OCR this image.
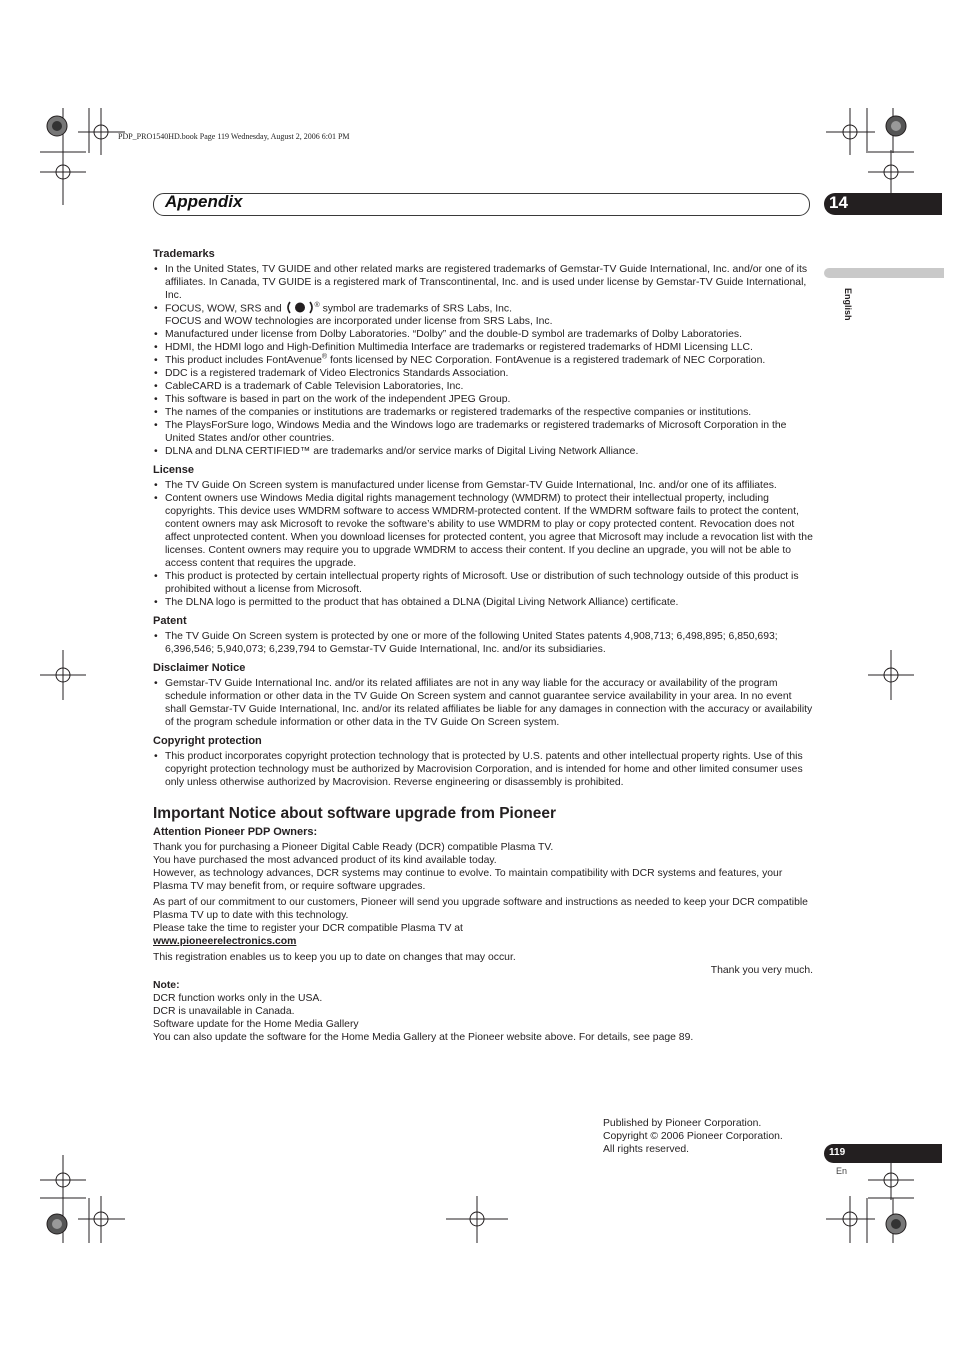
PDP_PRO1540HD.book Page 119 Wednesday, August 2, 2006 6:01 PM
Appendix	14
English
Trademarks
• In the United States, TV GUIDE and other related marks are registered trademarks of Gemstar-TV Guide International, Inc. and/or one of its affiliates. In Canada, TV GUIDE is a registered mark of Transcontinental, Inc. and is used under license by Gemstar-TV Guide International, Inc.
• FOCUS, WOW, SRS and	® symbol are trademarks of SRS Labs, Inc.
FOCUS and WOW technologies are incorporated under license from SRS Labs, Inc.
• Manufactured under license from Dolby Laboratories. “Dolby” and the double-D symbol are trademarks of Dolby Laboratories.
• HDMI, the HDMI logo and High-Definition Multimedia Interface are trademarks or registered trademarks of HDMI Licensing LLC.
• This product includes FontAvenue® fonts licensed by NEC Corporation. FontAvenue is a registered trademark of NEC Corporation.
• DDC is a registered trademark of Video Electronics Standards Association.
• CableCARD is a trademark of Cable Television Laboratories, Inc.
• This software is based in part on the work of the independent JPEG Group.
• The names of the companies or institutions are trademarks or registered trademarks of the respective companies or institutions.
• The PlaysForSure logo, Windows Media and the Windows logo are trademarks or registered trademarks of Microsoft Corporation in the United States and/or other countries.
• DLNA and DLNA CERTIFIED™ are trademarks and/or service marks of Digital Living Network Alliance.
License
• The TV Guide On Screen system is manufactured under license from Gemstar-TV Guide International, Inc. and/or one of its affiliates.
• Content owners use Windows Media digital rights management technology (WMDRM) to protect their intellectual property, including copyrights. This device uses WMDRM software to access WMDRM-protected content. If the WMDRM software fails to protect the content, content owners may ask Microsoft to revoke the software’s ability to use WMDRM to play or copy protected content. Revocation does not affect unprotected content. When you download licenses for protected content, you agree that Microsoft may include a revocation list with the licenses. Content owners may require you to upgrade WMDRM to access their content. If you decline an upgrade, you will not be able to access content that requires the upgrade.
• This product is protected by certain intellectual property rights of Microsoft. Use or distribution of such technology outside of this product is prohibited without a license from Microsoft.
• The DLNA logo is permitted to the product that has obtained a DLNA (Digital Living Network Alliance) certificate.
Patent
• The TV Guide On Screen system is protected by one or more of the following United States patents 4,908,713; 6,498,895; 6,850,693; 6,396,546; 5,940,073; 6,239,794 to Gemstar-TV Guide International, Inc. and/or its subsidiaries.
Disclaimer Notice
• Gemstar-TV Guide International Inc. and/or its related affiliates are not in any way liable for the accuracy or availability of the program schedule information or other data in the TV Guide On Screen system and cannot guarantee service availability in your area. In no event shall Gemstar-TV Guide International, Inc. and/or its related affiliates be liable for any damages in connection with the accuracy or availability of the program schedule information or other data in the TV Guide On Screen system.
Copyright protection
• This product incorporates copyright protection technology that is protected by U.S. patents and other intellectual property rights. Use of this copyright protection technology must be authorized by Macrovision Corporation, and is intended for home and other limited consumer uses only unless otherwise authorized by Macrovision. Reverse engineering or disassembly is prohibited.
Important Notice about software upgrade from Pioneer
Attention Pioneer PDP Owners:

Thank you for purchasing a Pioneer Digital Cable Ready (DCR) compatible Plasma TV.

You have purchased the most advanced product of its kind available today.

However, as technology advances, DCR systems may continue to evolve. To maintain compatibility with DCR systems and features, your Plasma TV may benefit from, or require software upgrades.

As part of our commitment to our customers, Pioneer will send you upgrade software and instructions as needed to keep your DCR compatible Plasma TV up to date with this technology.

Please take the time to register your DCR compatible Plasma TV at

www.pioneerelectronics.com

This registration enables us to keep you up to date on changes that may occur.

Thank you very much.

Note:

DCR function works only in the USA.

DCR is unavailable in Canada.

Software update for the Home Media Gallery

You can also update the software for the Home Media Gallery at the Pioneer website above. For details, see page 89.

Published by Pioneer Corporation.
Copyright © 2006 Pioneer Corporation.
All rights reserved.	119
En
